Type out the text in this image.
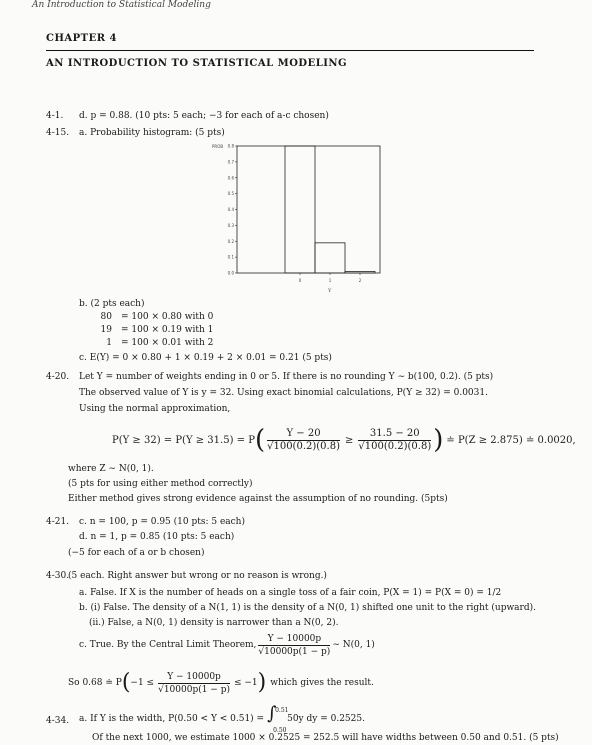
An Introduction to Statistical Modeling
CHAPTER 4
AN INTRODUCTION TO STATISTICAL MODELING
4-1. d. p = 0.88. (10 pts: 5 each; −3 for each of a-c chosen)
4-15. a. Probability histogram: (5 pts)
PROB
0.0
0.1
0.2
0.3
0.4
0.5
0.6
0.7
0.8
0	1	2
Y
b. (2 pts each)
80 = 100 × 0.80 with 0
19 = 100 × 0.19 with 1
1 = 100 × 0.01 with 2
c. E(Y) = 0 × 0.80 + 1 × 0.19 + 2 × 0.01 = 0.21 (5 pts)
4-20. Let Y = number of weights ending in 0 or 5. If there is no rounding Y ∼ b(100, 0.2). (5 pts)
The observed value of Y is y = 32. Using exact binomial calculations, P(Y ≥ 32) = 0.0031.
Using the normal approximation,
P(Y ≥ 32) = P(Y ≥ 31.5) = P ( $\frac{Y - 20}{√100(0.2)(0.8)} \ge \frac{31.5 - 20}{√100(0.2)(0.8)}$ ) ≐ P(Z ≥ 2.875) ≐ 0.0020,
where Z ∼ N(0, 1).
(5 pts for using either method correctly)
Either method gives strong evidence against the assumption of no rounding. (5pts)
4-21. c. n = 100, p = 0.95 (10 pts: 5 each)
d. n = 1, p = 0.85 (10 pts: 5 each)
(−5 for each of a or b chosen)
4-30.
(5 each. Right answer but wrong or no reason is wrong.)
a. False. If X is the number of heads on a single toss of a fair coin, P(X = 1) = P(X = 0) = 1/2
b. (i) False. The density of a N(1, 1) is the density of a N(0, 1) shifted one unit to the right (upward).
(ii.) False, a N(0, 1) density is narrower than a N(0, 2).
c. True. By the Central Limit Theorem, $\frac{Y - 10000p}{√10000p(1 - p)}$ ∼ N(0, 1)
So 0.68 ≐ P ( $-1 \le \frac{Y - 10000p}{√10000p(1 - p)} \le -1$ ) which gives the result.
4-34. a. If Y is the width, P(0.50 < Y < 0.51) = ∫
0.51
0.50
50y dy = 0.2525.
Of the next 1000, we estimate 1000 × 0.2525 = 252.5 will have widths between 0.50 and 0.51. (5 pts)
